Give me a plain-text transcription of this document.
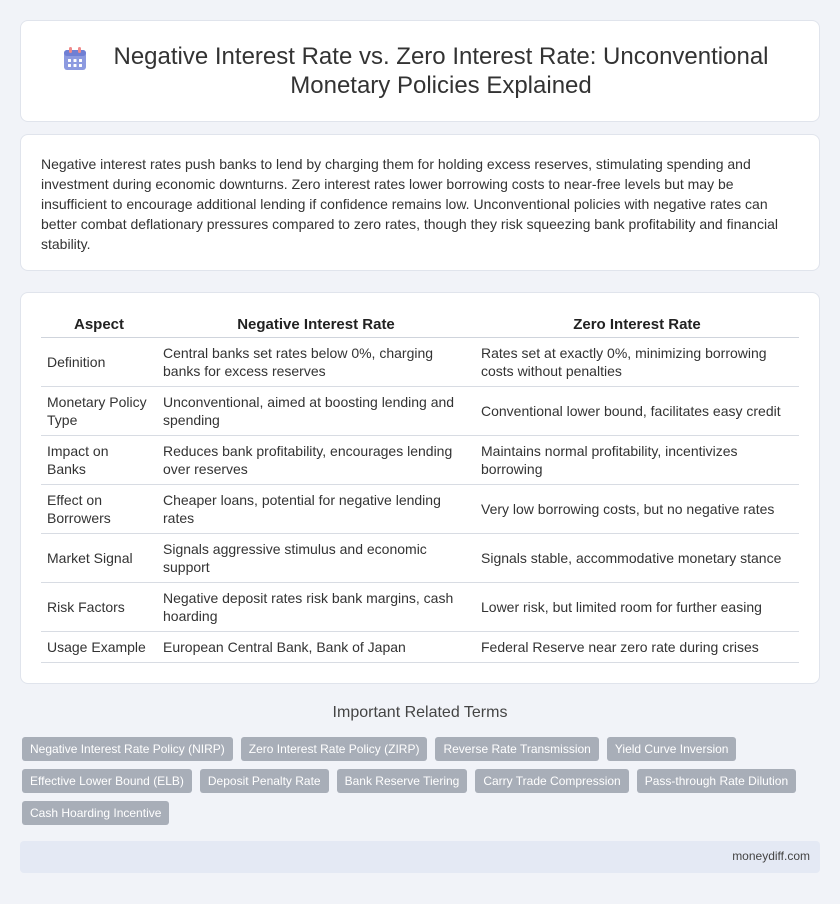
Negative Interest Rate vs. Zero Interest Rate: Unconventional Monetary Policies Explained

Negative interest rates push banks to lend by charging them for holding excess reserves, stimulating spending and investment during economic downturns. Zero interest rates lower borrowing costs to near-free levels but may be insufficient to encourage additional lending if confidence remains low. Unconventional policies with negative rates can better combat deflationary pressures compared to zero rates, though they risk squeezing bank profitability and financial stability.

Aspect	Negative Interest Rate	Zero Interest Rate
Definition	Central banks set rates below 0%, charging banks for excess reserves	Rates set at exactly 0%, minimizing borrowing costs without penalties
Monetary Policy Type	Unconventional, aimed at boosting lending and spending	Conventional lower bound, facilitates easy credit
Impact on Banks	Reduces bank profitability, encourages lending over reserves	Maintains normal profitability, incentivizes borrowing
Effect on Borrowers	Cheaper loans, potential for negative lending rates	Very low borrowing costs, but no negative rates
Market Signal	Signals aggressive stimulus and economic support	Signals stable, accommodative monetary stance
Risk Factors	Negative deposit rates risk bank margins, cash hoarding	Lower risk, but limited room for further easing
Usage Example	European Central Bank, Bank of Japan	Federal Reserve near zero rate during crises
Important Related Terms
Negative Interest Rate Policy (NIRP)	Zero Interest Rate Policy (ZIRP)	Reverse Rate Transmission	Yield Curve Inversion
Effective Lower Bound (ELB)	Deposit Penalty Rate	Bank Reserve Tiering	Carry Trade Compression	Pass-through Rate Dilution
Cash Hoarding Incentive
moneydiff.com
